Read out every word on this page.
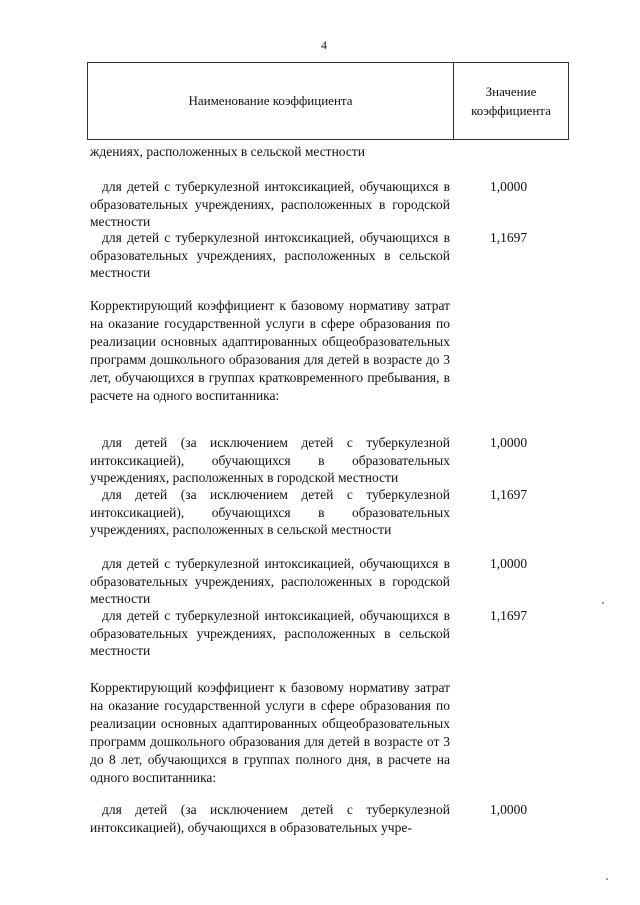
4
Наименование коэффициента
Значение
коэффициента
ждениях, расположенных в сельской местности
для детей с туберкулезной интоксикацией, обучающихся в образовательных учреждениях, расположенных в городской местности
1,0000
для детей с туберкулезной интоксикацией, обучающихся в образовательных учреждениях, расположенных в сельской местности
1,1697
Корректирующий коэффициент к базовому нормативу затрат на оказание государственной услуги в сфере образования по реализации основных адаптированных общеобразовательных программ дошкольного образования для детей в возрасте до 3 лет, обучающихся в группах кратковременного пребывания, в расчете на одного воспитанника:
для детей (за исключением детей с туберкулезной интоксикацией), обучающихся в образовательных учреждениях, расположенных в городской местности
1,0000
для детей (за исключением детей с туберкулезной интоксикацией), обучающихся в образовательных учреждениях, расположенных в сельской местности
1,1697
для детей с туберкулезной интоксикацией, обучающихся в образовательных учреждениях, расположенных в городской местности
1,0000
для детей с туберкулезной интоксикацией, обучающихся в образовательных учреждениях, расположенных в сельской местности
1,1697
Корректирующий коэффициент к базовому нормативу затрат на оказание государственной услуги в сфере образования по реализации основных адаптированных общеобразовательных программ дошкольного образования для детей в возрасте от 3 до 8 лет, обучающихся в группах полного дня, в расчете на одного воспитанника:
для детей (за исключением детей с туберкулезной интоксикацией), обучающихся в образовательных учре-
1,0000
